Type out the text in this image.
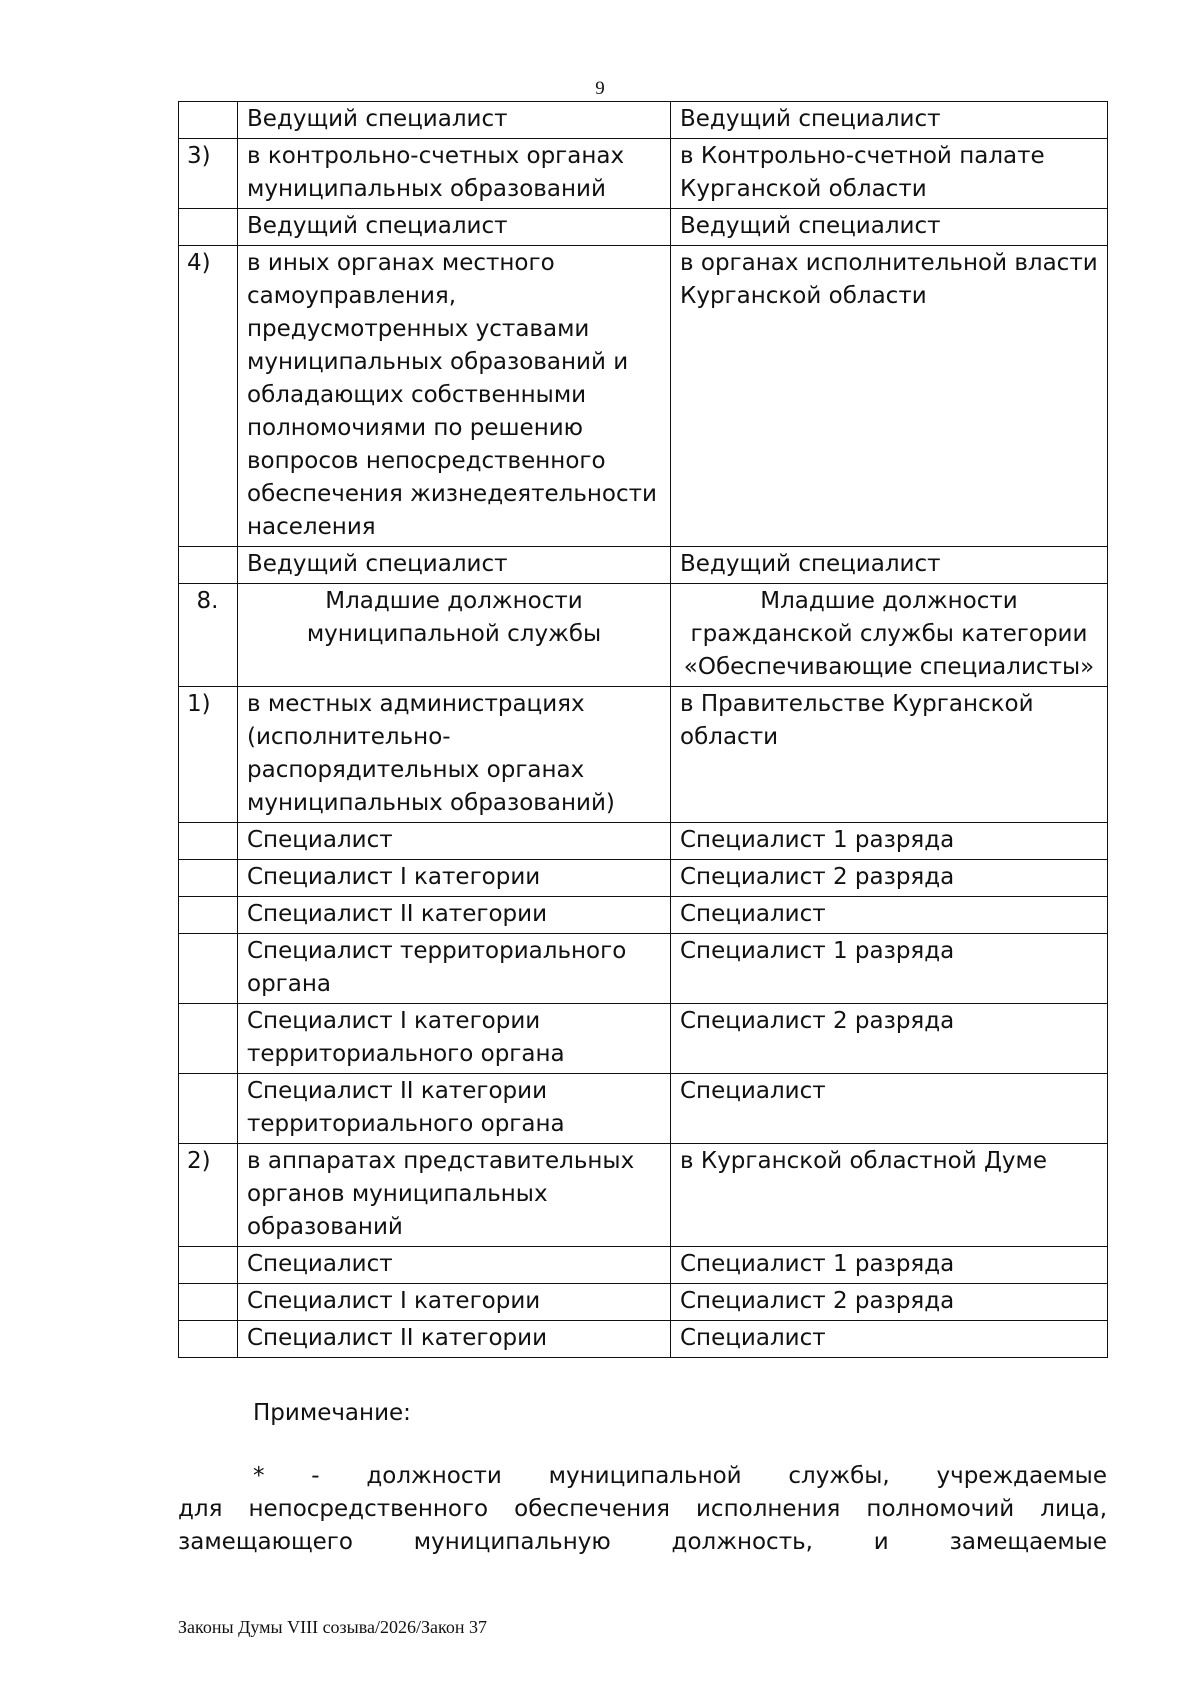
9
	Ведущий специалист	Ведущий специалист
3)	в контрольно-счетных органах муниципальных образований	в Контрольно-счетной палате Курганской области
	Ведущий специалист	Ведущий специалист
4)	в иных органах местного самоуправления, предусмотренных уставами муниципальных образований и обладающих собственными полномочиями по решению вопросов непосредственного обеспечения жизнедеятельности населения	в органах исполнительной власти Курганской области
	Ведущий специалист	Ведущий специалист
8.	Младшие должности муниципальной службы	Младшие должности гражданской службы категории «Обеспечивающие специалисты»
1)	в местных администрациях (исполнительно-распорядительных органах муниципальных образований)	в Правительстве Курганской области
	Специалист	Специалист 1 разряда
	Специалист I категории	Специалист 2 разряда
	Специалист II категории	Специалист
	Специалист территориального органа	Специалист 1 разряда
	Специалист I категории территориального органа	Специалист 2 разряда
	Специалист II категории территориального органа	Специалист
2)	в аппаратах представительных органов муниципальных образований	в Курганской областной Думе
	Специалист	Специалист 1 разряда
	Специалист I категории	Специалист 2 разряда
	Специалист II категории	Специалист
Примечание:
* - должности муниципальной службы, учреждаемые
для непосредственного обеспечения исполнения полномочий лица,
замещающего муниципальную должность, и замещаемые
Законы Думы VIII созыва/2026/Закон 37
